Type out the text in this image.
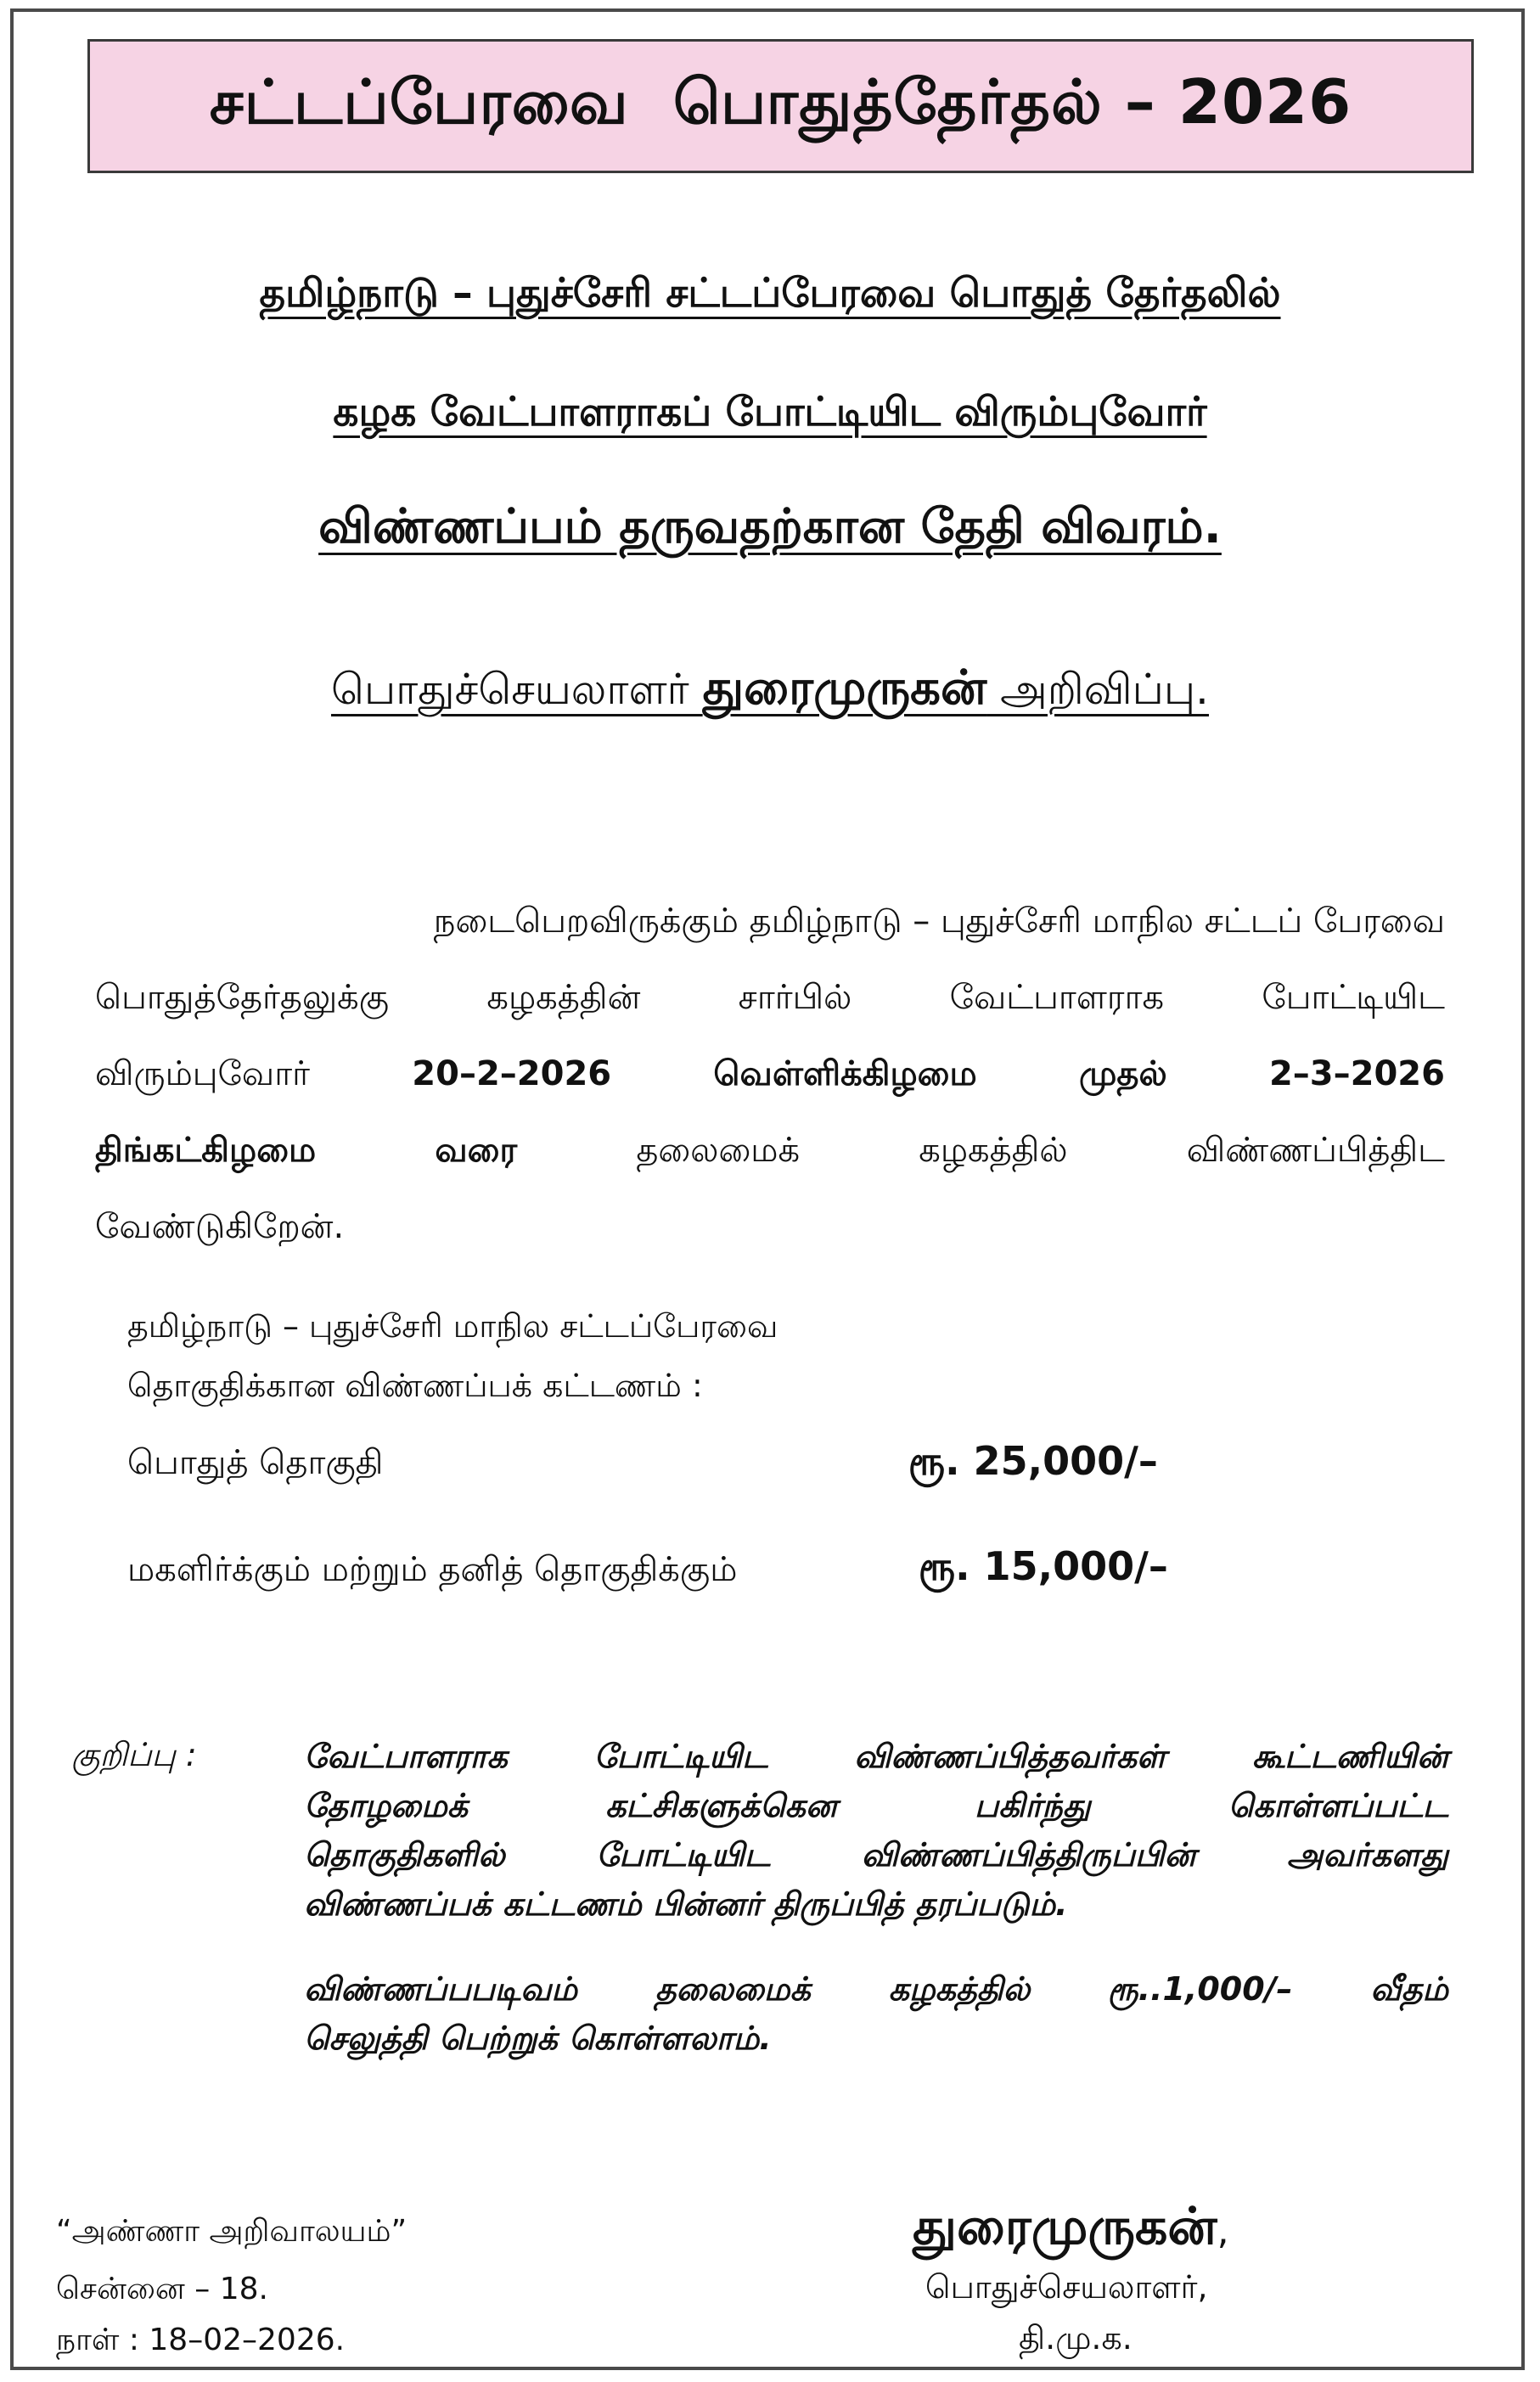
சட்டப்பேரவை  பொதுத்தேர்தல் – 2026
தமிழ்நாடு – புதுச்சேரி சட்டப்பேரவை பொதுத் தேர்தலில்
கழக வேட்பாளராகப் போட்டியிட விரும்புவோர்
விண்ணப்பம் தருவதற்கான தேதி விவரம்.
பொதுச்செயலாளர் துரைமுருகன் அறிவிப்பு.
நடைபெறவிருக்கும் தமிழ்நாடு – புதுச்சேரி மாநில சட்டப் பேரவை
பொதுத்தேர்தலுக்கு	கழகத்தின்	சார்பில்	வேட்பாளராக	போட்டியிட
விரும்புவோர்	20–2–2026	வெள்ளிக்கிழமை	முதல்	2–3–2026
திங்கட்கிழமை	வரை	தலைமைக்	கழகத்தில்	விண்ணப்பித்திட
வேண்டுகிறேன்.
தமிழ்நாடு – புதுச்சேரி மாநில சட்டப்பேரவை
தொகுதிக்கான விண்ணப்பக் கட்டணம் :
பொதுத் தொகுதி	ரூ. 25,000/–
மகளிர்க்கும் மற்றும் தனித் தொகுதிக்கும்	ரூ. 15,000/–
குறிப்பு :	வேட்பாளராக	போட்டியிட	விண்ணப்பித்தவர்கள்	கூட்டணியின்
தோழமைக்	கட்சிகளுக்கென	பகிர்ந்து	கொள்ளப்பட்ட
தொகுதிகளில்	போட்டியிட	விண்ணப்பித்திருப்பின்	அவர்களது
விண்ணப்பக் கட்டணம் பின்னர் திருப்பித் தரப்படும்.
விண்ணப்பபடிவம் தலைமைக் கழகத்தில் ரூ..1,000/– வீதம்
செலுத்தி பெற்றுக் கொள்ளலாம்.
“அண்ணா அறிவாலயம்”
சென்னை – 18.
நாள் : 18–02–2026.
துரைமுருகன்,
பொதுச்செயலாளர்,
தி.மு.க.
